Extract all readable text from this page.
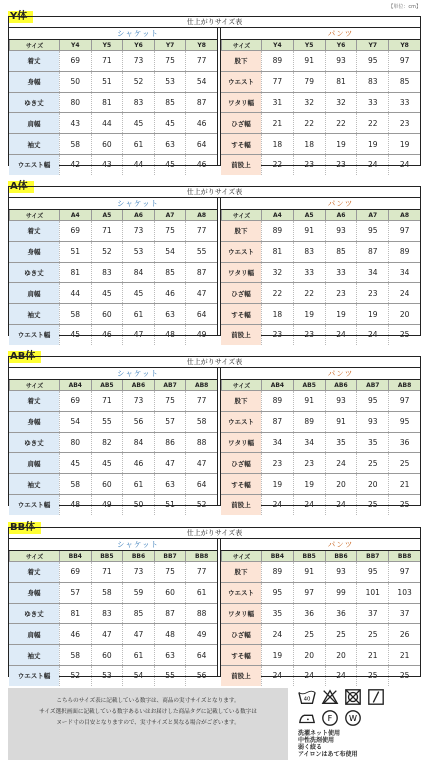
【単位：cm】
Y体	仕上がりサイズ表
シャケット
サイズ	Y4	Y5	Y6	Y7	Y8
着丈	69	71	73	75	77
身幅	50	51	52	53	54
ゆき丈	80	81	83	85	87
肩幅	43	44	45	45	46
袖丈	58	60	61	63	64
ウエスト幅	42	43	44	45	46
パンツ
サイズ	Y4	Y5	Y6	Y7	Y8
股下	89	91	93	95	97
ウエスト	77	79	81	83	85
ワタリ幅	31	32	32	33	33
ひざ幅	21	22	22	22	23
すそ幅	18	18	19	19	19
前股上	22	23	23	24	24
A体	仕上がりサイズ表
シャケット
サイズ	A4	A5	A6	A7	A8
着丈	69	71	73	75	77
身幅	51	52	53	54	55
ゆき丈	81	83	84	85	87
肩幅	44	45	45	46	47
袖丈	58	60	61	63	64
ウエスト幅	45	46	47	48	49
パンツ
サイズ	A4	A5	A6	A7	A8
股下	89	91	93	95	97
ウエスト	81	83	85	87	89
ワタリ幅	32	33	33	34	34
ひざ幅	22	22	23	23	24
すそ幅	18	19	19	19	20
前股上	23	23	24	24	25
AB体	仕上がりサイズ表
シャケット
サイズ	AB4	AB5	AB6	AB7	AB8
着丈	69	71	73	75	77
身幅	54	55	56	57	58
ゆき丈	80	82	84	86	88
肩幅	45	45	46	47	47
袖丈	58	60	61	63	64
ウエスト幅	48	49	50	51	52
パンツ
サイズ	AB4	AB5	AB6	AB7	AB8
股下	89	91	93	95	97
ウエスト	87	89	91	93	95
ワタリ幅	34	34	35	35	36
ひざ幅	23	23	24	25	25
すそ幅	19	19	20	20	21
前股上	24	24	24	25	25
BB体	仕上がりサイズ表
シャケット
サイズ	BB4	BB5	BB6	BB7	BB8
着丈	69	71	73	75	77
身幅	57	58	59	60	61
ゆき丈	81	83	85	87	88
肩幅	46	47	47	48	49
袖丈	58	60	61	63	64
ウエスト幅	52	53	54	55	56
パンツ
サイズ	BB4	BB5	BB6	BB7	BB8
股下	89	91	93	95	97
ウエスト	95	97	99	101	103
ワタリ幅	35	36	36	37	37
ひざ幅	24	25	25	25	26
すそ幅	19	20	20	21	21
前股上	24	24	24	25	25
こちらのサイズ表に記載している数字は、商品の実寸サイズとなります。
サイズ選択画面に記載している数字あるいはお届けした商品タグに記載している数字は
ヌード寸の目安となりますので、実寸サイズと異なる場合がございます。
40
F W
洗濯ネット使用
中性洗剤使用
弱く絞る
アイロンはあて布使用
